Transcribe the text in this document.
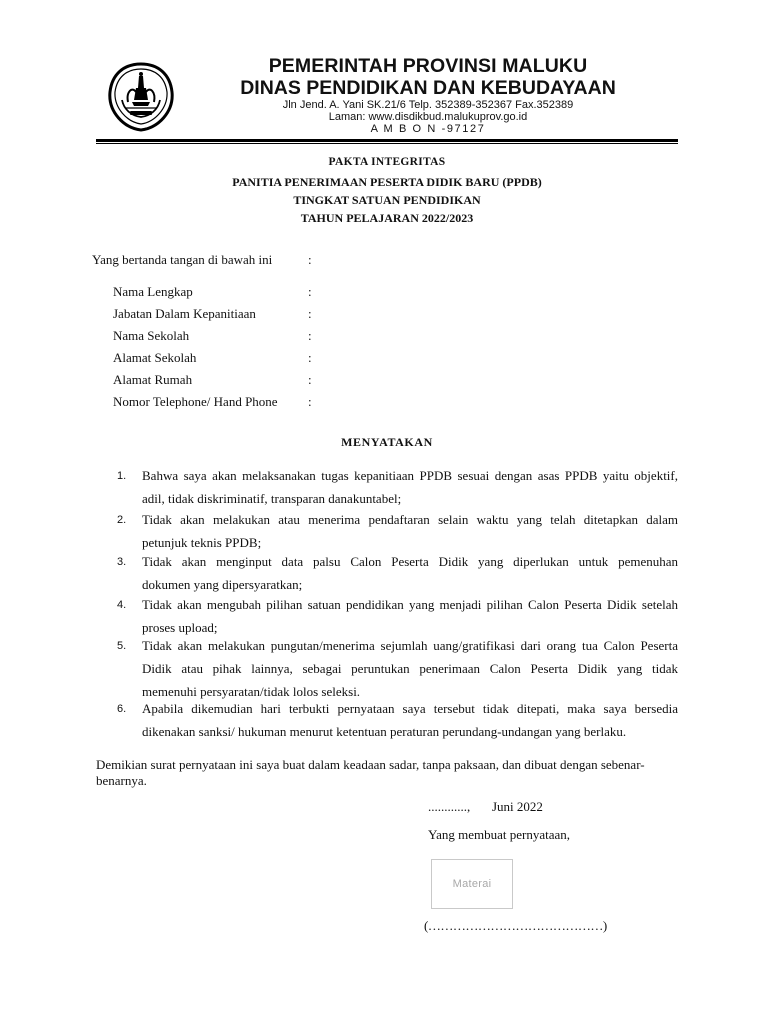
PEMERINTAH PROVINSI MALUKU
DINAS PENDIDIKAN DAN KEBUDAYAAN
Jln Jend. A. Yani SK.21/6 Telp. 352389-352367 Fax.352389
Laman: www.disdikbud.malukuprov.go.id
A M B O N -97127
PAKTA INTEGRITAS
PANITIA PENERIMAAN PESERTA DIDIK BARU (PPDB)
TINGKAT SATUAN PENDIDIKAN
TAHUN PELAJARAN 2022/2023
Yang bertanda tangan di bawah ini	:
Nama Lengkap	:
Jabatan Dalam Kepanitiaan	:
Nama Sekolah	:
Alamat Sekolah	:
Alamat Rumah	:
Nomor Telephone/ Hand Phone :
MENYATAKAN
1. Bahwa saya akan melaksanakan tugas kepanitiaan PPDB sesuai dengan asas PPDB yaitu objektif,
adil, tidak diskriminatif, transparan danakuntabel;
2. Tidak akan melakukan atau menerima pendaftaran selain waktu yang telah ditetapkan dalam
petunjuk teknis PPDB;
3. Tidak akan menginput data palsu Calon Peserta Didik yang diperlukan untuk pemenuhan
dokumen yang dipersyaratkan;
4. Tidak akan mengubah pilihan satuan pendidikan yang menjadi pilihan Calon Peserta Didik setelah
proses upload;
5. Tidak akan melakukan pungutan/menerima sejumlah uang/gratifikasi dari orang tua Calon Peserta
Didik atau pihak lainnya, sebagai peruntukan penerimaan Calon Peserta Didik yang tidak
memenuhi persyaratan/tidak lolos seleksi.
6. Apabila dikemudian hari terbukti pernyataan saya tersebut tidak ditepati, maka saya bersedia
dikenakan sanksi/ hukuman menurut ketentuan peraturan perundang-undangan yang berlaku.
Demikian surat pernyataan ini saya buat dalam keadaan sadar, tanpa paksaan, dan dibuat dengan sebenar-
benarnya.
............, Juni 2022
Yang membuat pernyataan,
Materai
(……………………………………)
